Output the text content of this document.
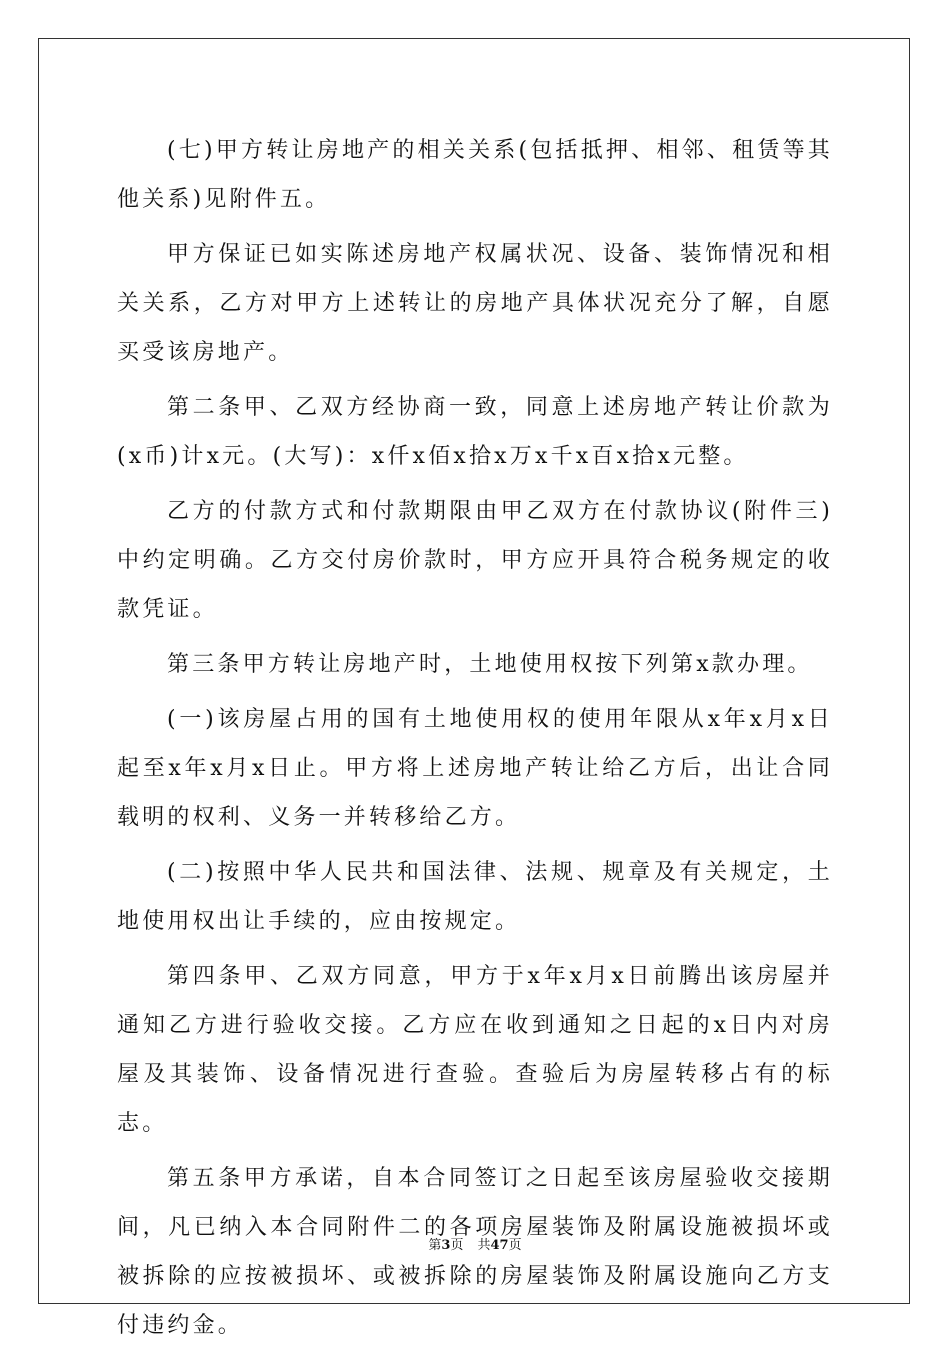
(七)甲方转让房地产的相关关系(包括抵押、相邻、租赁等其他关系)见附件五。

甲方保证已如实陈述房地产权属状况、设备、装饰情况和相关关系，乙方对甲方上述转让的房地产具体状况充分了解，自愿买受该房地产。

第二条甲、乙双方经协商一致，同意上述房地产转让价款为(x币)计x元。(大写)：x仟x佰x拾x万x千x百x拾x元整。

乙方的付款方式和付款期限由甲乙双方在付款协议(附件三)中约定明确。乙方交付房价款时，甲方应开具符合税务规定的收款凭证。

第三条甲方转让房地产时，土地使用权按下列第x款办理。

(一)该房屋占用的国有土地使用权的使用年限从x年x月x日起至x年x月x日止。甲方将上述房地产转让给乙方后，出让合同载明的权利、义务一并转移给乙方。

(二)按照中华人民共和国法律、法规、规章及有关规定，土地使用权出让手续的，应由按规定。

第四条甲、乙双方同意，甲方于x年x月x日前腾出该房屋并通知乙方进行验收交接。乙方应在收到通知之日起的x日内对房屋及其装饰、设备情况进行查验。查验后为房屋转移占有的标志。

第五条甲方承诺，自本合同签订之日起至该房屋验收交接期间，凡已纳入本合同附件二的各项房屋装饰及附属设施被损坏或被拆除的应按被损坏、或被拆除的房屋装饰及附属设施向乙方支付违约金。

第3页 共47页
